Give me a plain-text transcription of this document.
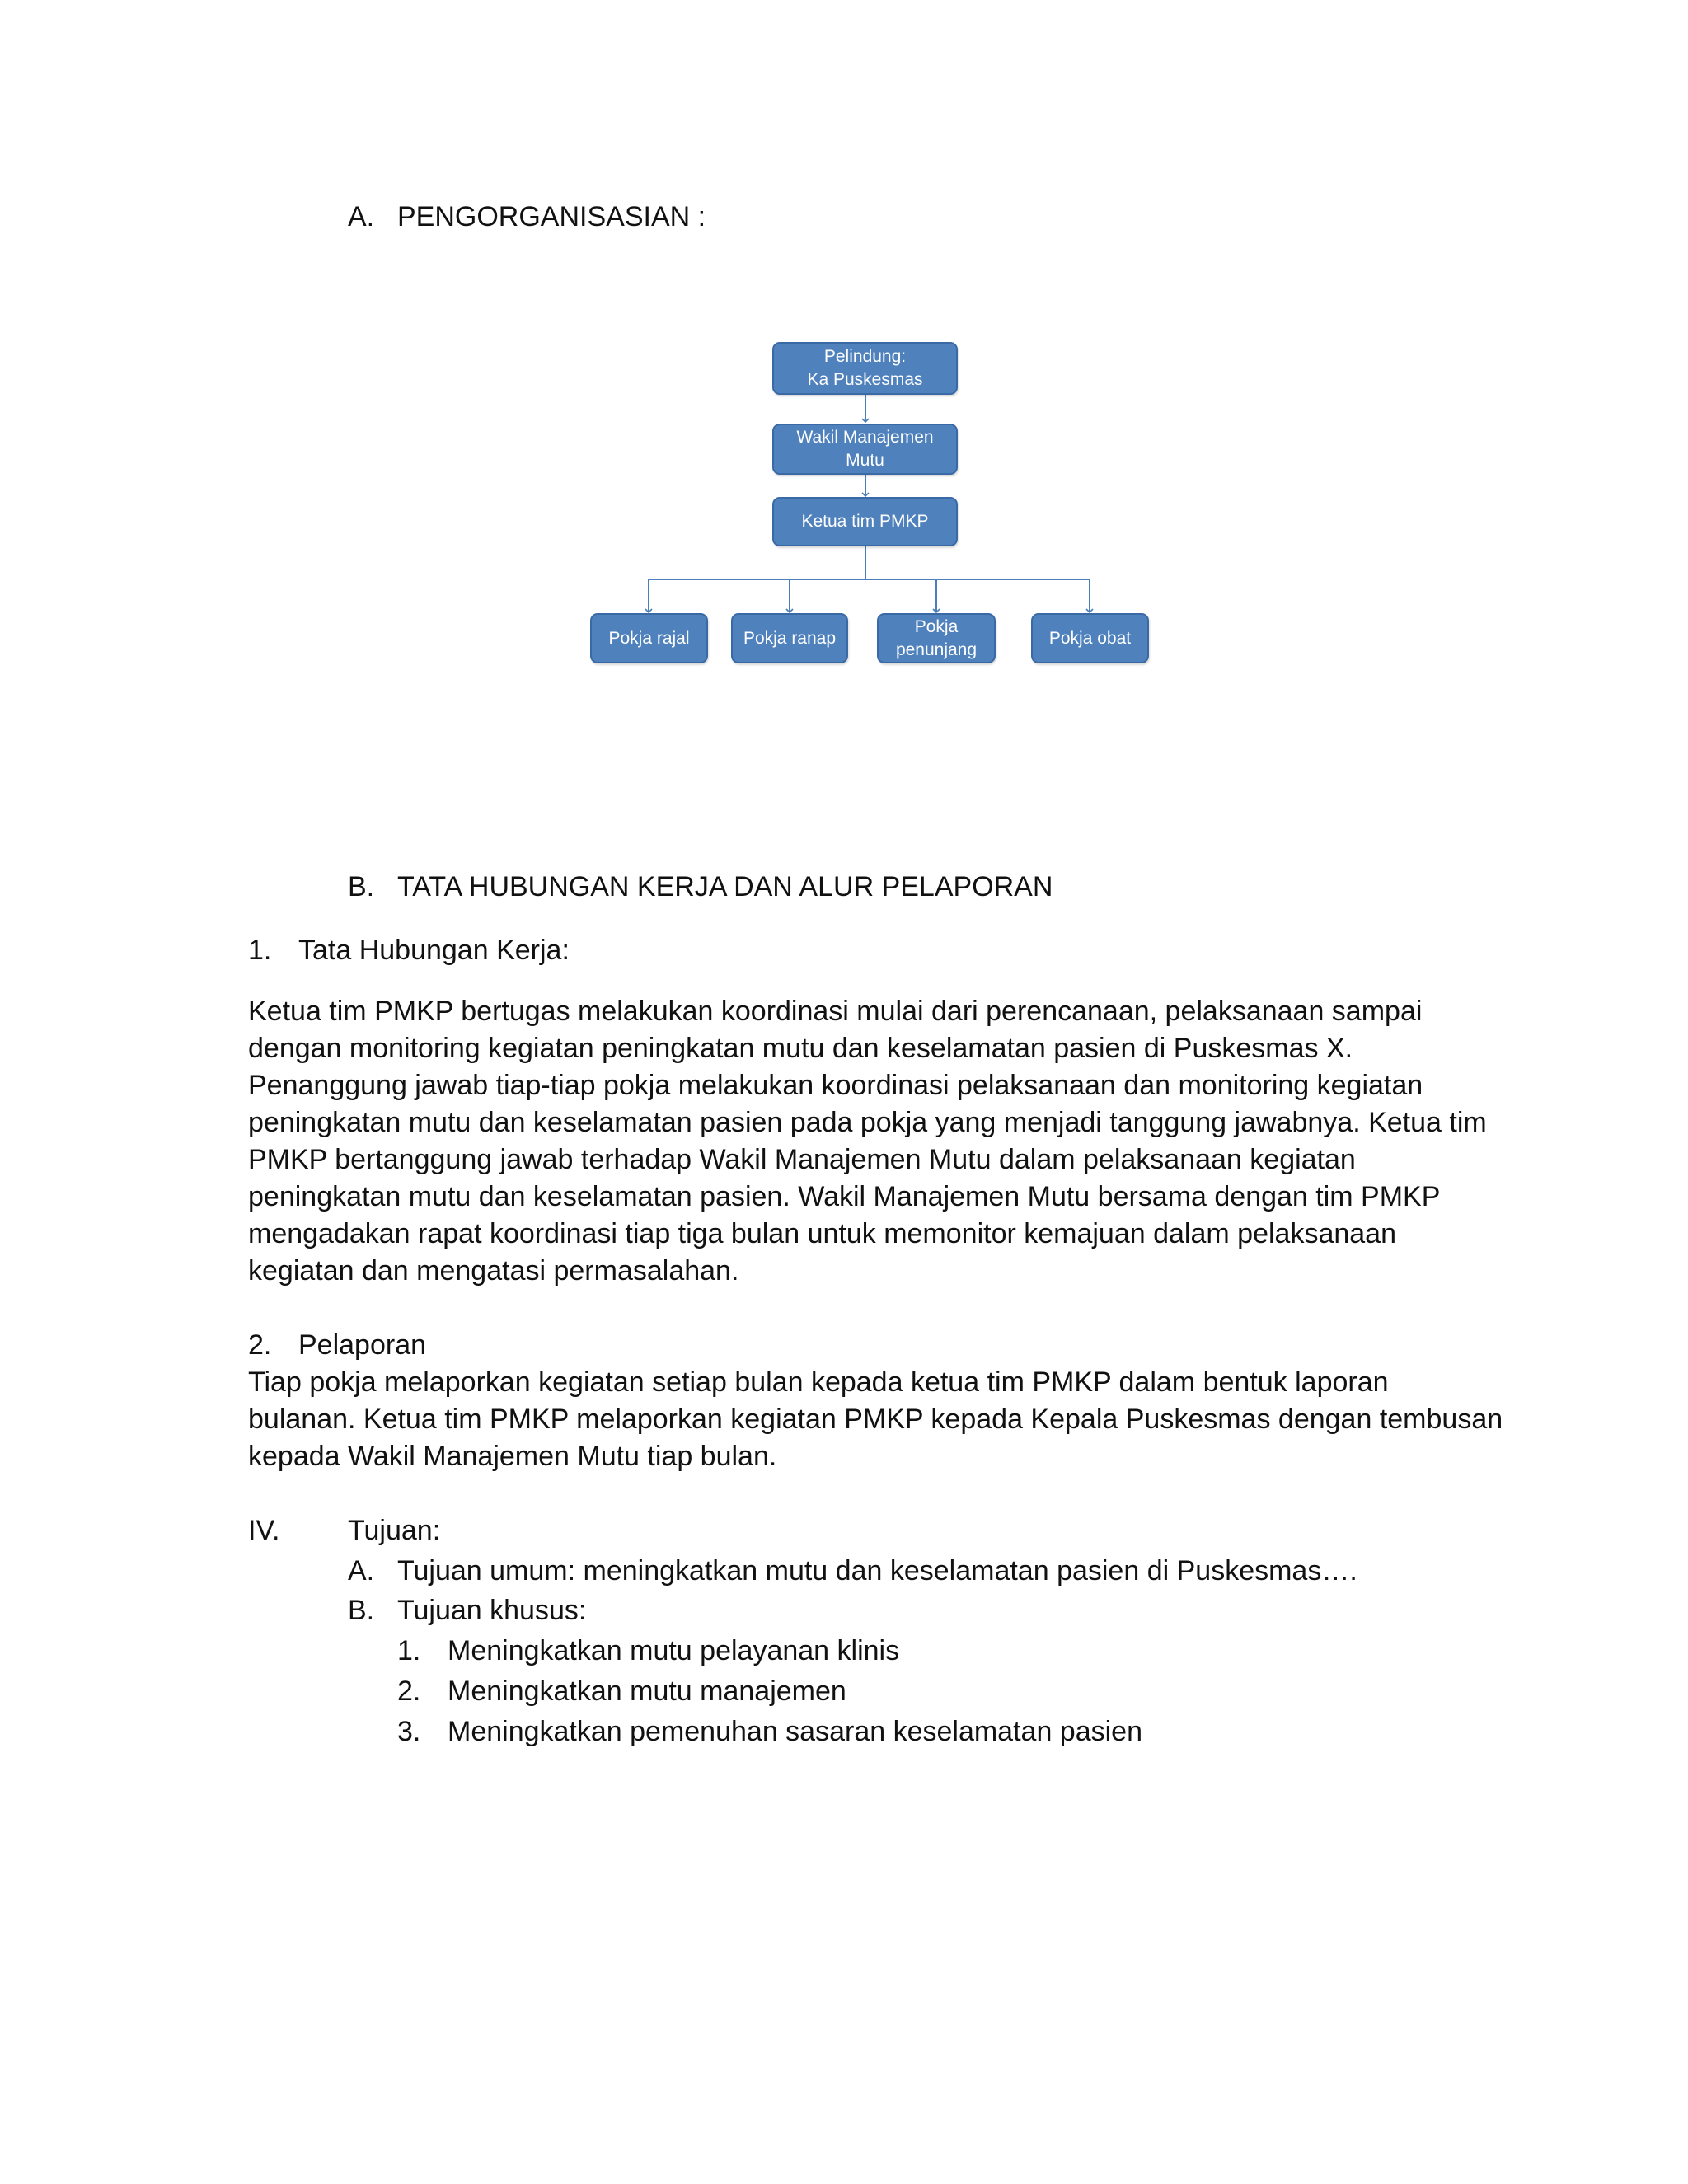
A. PENGORGANISASIAN :
Pelindung:
Ka Puskesmas
Wakil Manajemen
Mutu
Ketua tim PMKP
Pokja rajal	Pokja ranap
Pokja
penunjang
Pokja obat
B. TATA HUBUNGAN KERJA DAN ALUR PELAPORAN
1. Tata Hubungan Kerja:
Ketua tim PMKP bertugas melakukan koordinasi mulai dari perencanaan, pelaksanaan sampai
dengan monitoring kegiatan peningkatan mutu dan keselamatan pasien di Puskesmas X.
Penanggung jawab tiap-tiap pokja melakukan koordinasi pelaksanaan dan monitoring kegiatan
peningkatan mutu dan keselamatan pasien pada pokja yang menjadi tanggung jawabnya. Ketua tim
PMKP bertanggung jawab terhadap Wakil Manajemen Mutu dalam pelaksanaan kegiatan
peningkatan mutu dan keselamatan pasien. Wakil Manajemen Mutu bersama dengan tim PMKP
mengadakan rapat koordinasi tiap tiga bulan untuk memonitor kemajuan dalam pelaksanaan
kegiatan dan mengatasi permasalahan.
2. Pelaporan
Tiap pokja melaporkan kegiatan setiap bulan kepada ketua tim PMKP dalam bentuk laporan
bulanan. Ketua tim PMKP melaporkan kegiatan PMKP kepada Kepala Puskesmas dengan tembusan
kepada Wakil Manajemen Mutu tiap bulan.
IV. Tujuan:
A. Tujuan umum: meningkatkan mutu dan keselamatan pasien di Puskesmas….
B. Tujuan khusus:
1. Meningkatkan mutu pelayanan klinis
2. Meningkatkan mutu manajemen
3. Meningkatkan pemenuhan sasaran keselamatan pasien
